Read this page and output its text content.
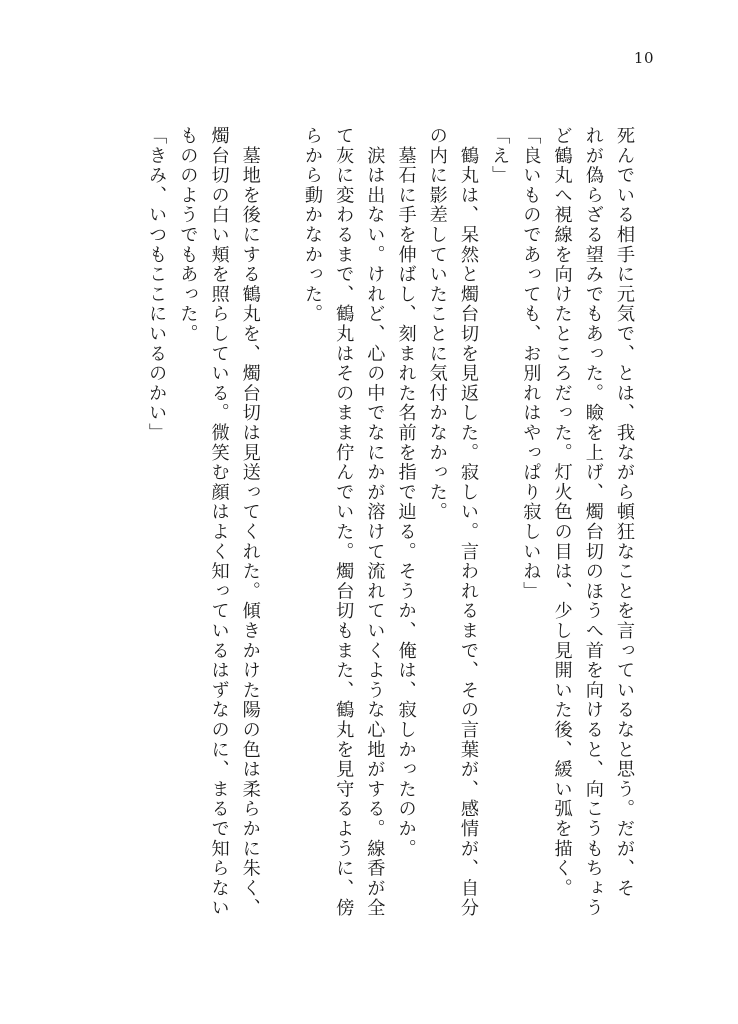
10
死んでいる相手に元気で、とは、我ながら頓狂なことを言っているなと思う。だが、そ
れが偽らざる望みでもあった。瞼を上げ、燭台切のほうへ首を向けると、向こうもちょう
ど鶴丸へ視線を向けたところだった。灯火色の目は、少し見開いた後、緩い弧を描く。
「良いものであっても、お別れはやっぱり寂しいね」
「え」
　鶴丸は、呆然と燭台切を見返した。寂しい。言われるまで、その言葉が、感情が、自分
の内に影差していたことに気付かなかった。
　墓石に手を伸ばし、刻まれた名前を指で辿る。そうか、俺は、寂しかったのか。
　涙は出ない。けれど、心の中でなにかが溶けて流れていくような心地がする。線香が全
て灰に変わるまで、鶴丸はそのまま佇んでいた。燭台切もまた、鶴丸を見守るように、傍
らから動かなかった。
　墓地を後にする鶴丸を、燭台切は見送ってくれた。傾きかけた陽の色は柔らかに朱く、
燭台切の白い頬を照らしている。微笑む顔はよく知っているはずなのに、まるで知らない
もののようでもあった。
「きみ、いつもここにいるのかい」
